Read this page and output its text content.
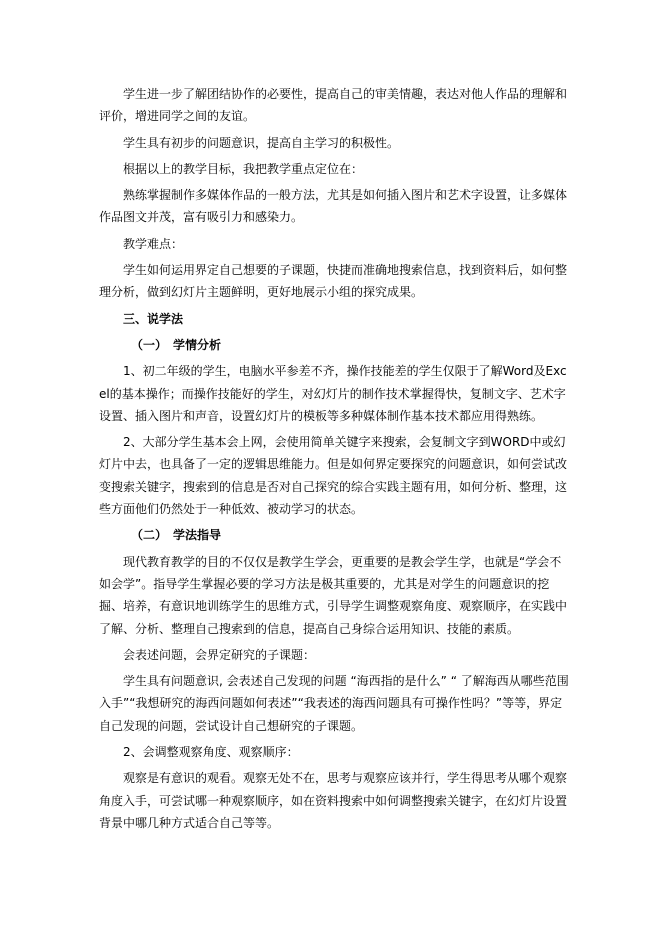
学生进一步了解团结协作的必要性，提高自己的审美情趣，表达对他人作品的理解和评价，增进同学之间的友谊。

学生具有初步的问题意识，提高自主学习的积极性。

根据以上的教学目标，我把教学重点定位在：

熟练掌握制作多媒体作品的一般方法，尤其是如何插入图片和艺术字设置，让多媒体作品图文并茂，富有吸引力和感染力。

教学难点：

学生如何运用界定自己想要的子课题，快捷而准确地搜索信息，找到资料后，如何整理分析，做到幻灯片主题鲜明，更好地展示小组的探究成果。

三、说学法

（一） 学情分析

1、初二年级的学生，电脑水平参差不齐，操作技能差的学生仅限于了解Word及Excel的基本操作；而操作技能好的学生，对幻灯片的制作技术掌握得快，复制文字、艺术字设置、插入图片和声音，设置幻灯片的模板等多种媒体制作基本技术都应用得熟练。

2、大部分学生基本会上网，会使用简单关键字来搜索，会复制文字到WORD中或幻灯片中去，也具备了一定的逻辑思维能力。但是如何界定要探究的问题意识，如何尝试改变搜索关键字，搜索到的信息是否对自己探究的综合实践主题有用，如何分析、整理，这些方面他们仍然处于一种低效、被动学习的状态。

（二） 学法指导

现代教育教学的目的不仅仅是教学生学会，更重要的是教会学生学，也就是“学会不如会学”。指导学生掌握必要的学习方法是极其重要的，尤其是对学生的问题意识的挖掘、培养，有意识地训练学生的思维方式，引导学生调整观察角度、观察顺序，在实践中了解、分析、整理自己搜索到的信息，提高自己身综合运用知识、技能的素质。

会表述问题，会界定研究的子课题：

学生具有问题意识, 会表述自己发现的问题 “海西指的是什么” “ 了解海西从哪些范围入手”“我想研究的海西问题如何表述”“我表述的海西问题具有可操作性吗？”等等，界定自己发现的问题，尝试设计自己想研究的子课题。

2、会调整观察角度、观察顺序：

观察是有意识的观看。观察无处不在，思考与观察应该并行，学生得思考从哪个观察角度入手，可尝试哪一种观察顺序，如在资料搜索中如何调整搜索关键字，在幻灯片设置背景中哪几种方式适合自己等等。
